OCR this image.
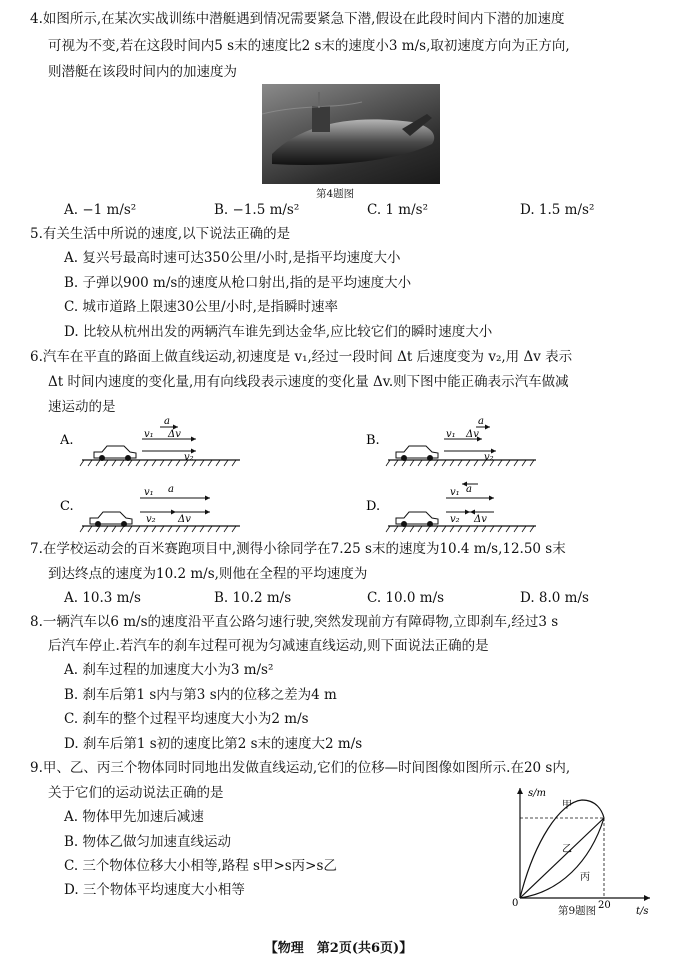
4.如图所示,在某次实战训练中潜艇遇到情况需要紧急下潜,假设在此段时间内下潜的加速度
可视为不变,若在这段时间内5 s末的速度比2 s末的速度小3 m/s,取初速度方向为正方向,
则潜艇在该段时间内的加速度为
第4题图
A. −1 m/s²	B. −1.5 m/s²	C. 1 m/s²	D. 1.5 m/s²
5.有关生活中所说的速度,以下说法正确的是
A. 复兴号最高时速可达350公里/小时,是指平均速度大小
B. 子弹以900 m/s的速度从枪口射出,指的是平均速度大小
C. 城市道路上限速30公里/小时,是指瞬时速率
D. 比较从杭州出发的两辆汽车谁先到达金华,应比较它们的瞬时速度大小
6.汽车在平直的路面上做直线运动,初速度是 v₁,经过一段时间 Δt 后速度变为 v₂,用 Δv 表示
Δt 时间内速度的变化量,用有向线段表示速度的变化量 Δv.则下图中能正确表示汽车做减
速运动的是
A.
a
v₁ Δv
v₂
B.
a
v₁ Δv
v₂
C.
a
v₁
v₂ Δv
D.
a
v₁
v₂ Δv
7.在学校运动会的百米赛跑项目中,测得小徐同学在7.25 s末的速度为10.4 m/s,12.50 s末
到达终点的速度为10.2 m/s,则他在全程的平均速度为
A. 10.3 m/s	B. 10.2 m/s	C. 10.0 m/s	D. 8.0 m/s
8.一辆汽车以6 m/s的速度沿平直公路匀速行驶,突然发现前方有障碍物,立即刹车,经过3 s
后汽车停止.若汽车的刹车过程可视为匀减速直线运动,则下面说法正确的是
A. 刹车过程的加速度大小为3 m/s²
B. 刹车后第1 s内与第3 s内的位移之差为4 m
C. 刹车的整个过程平均速度大小为2 m/s
D. 刹车后第1 s初的速度比第2 s末的速度大2 m/s
9.甲、乙、丙三个物体同时同地出发做直线运动,它们的位移—时间图像如图所示.在20 s内,
关于它们的运动说法正确的是
A. 物体甲先加速后减速
B. 物体乙做匀加速直线运动
C. 三个物体位移大小相等,路程 s甲>s丙>s乙
D. 三个物体平均速度大小相等
s/m
t/s
0	20
甲
乙
丙
第9题图
【物理　第2页(共6页)】
